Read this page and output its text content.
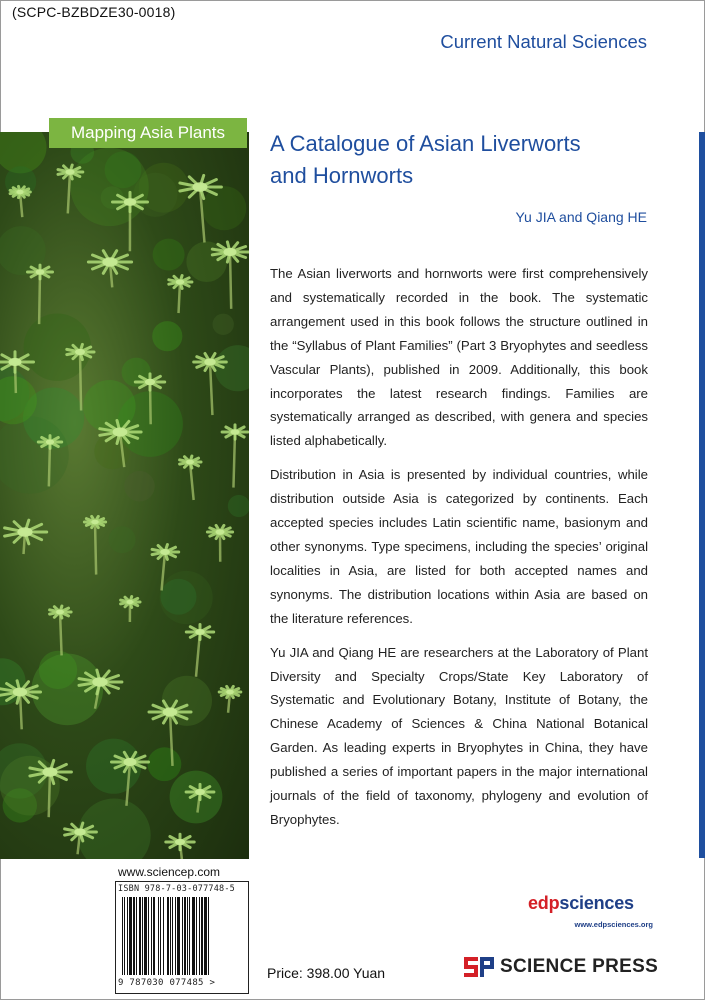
(SCPC-BZBDZE30-0018)
Current Natural Sciences
Mapping Asia Plants	A Catalogue of Asian Liverworts
and Hornworts
Yu JIA and Qiang HE

The Asian liverworts and hornworts were first comprehensively and systematically recorded in the book. The systematic arrangement used in this book follows the structure outlined in the “Syllabus of Plant Families” (Part 3 Bryophytes and seedless Vascular Plants), published in 2009. Additionally, this book incorporates the latest research findings. Families are systematically arranged as described, with genera and species listed alphabetically.

Distribution in Asia is presented by individual countries, while distribution outside Asia is categorized by continents. Each accepted species includes Latin scientific name, basionym and other synonyms. Type specimens, including the species’ original localities in Asia, are listed for both accepted names and synonyms. The distribution locations within Asia are based on the literature references.

Yu JIA and Qiang HE are researchers at the Laboratory of Plant Diversity and Specialty Crops/State Key Laboratory of Systematic and Evolutionary Botany, Institute of Botany, the Chinese Academy of Sciences & China National Botanical Garden. As leading experts in Bryophytes in China, they have published a series of important papers in the major international journals of the field of taxonomy, phylogeny and evolution of Bryophytes.

www.sciencep.com
ISBN 978-7-03-077748-5
9 787030 077485 >
Price: 398.00 Yuan
edpsciences
www.edpsciences.org
SCIENCE PRESS
